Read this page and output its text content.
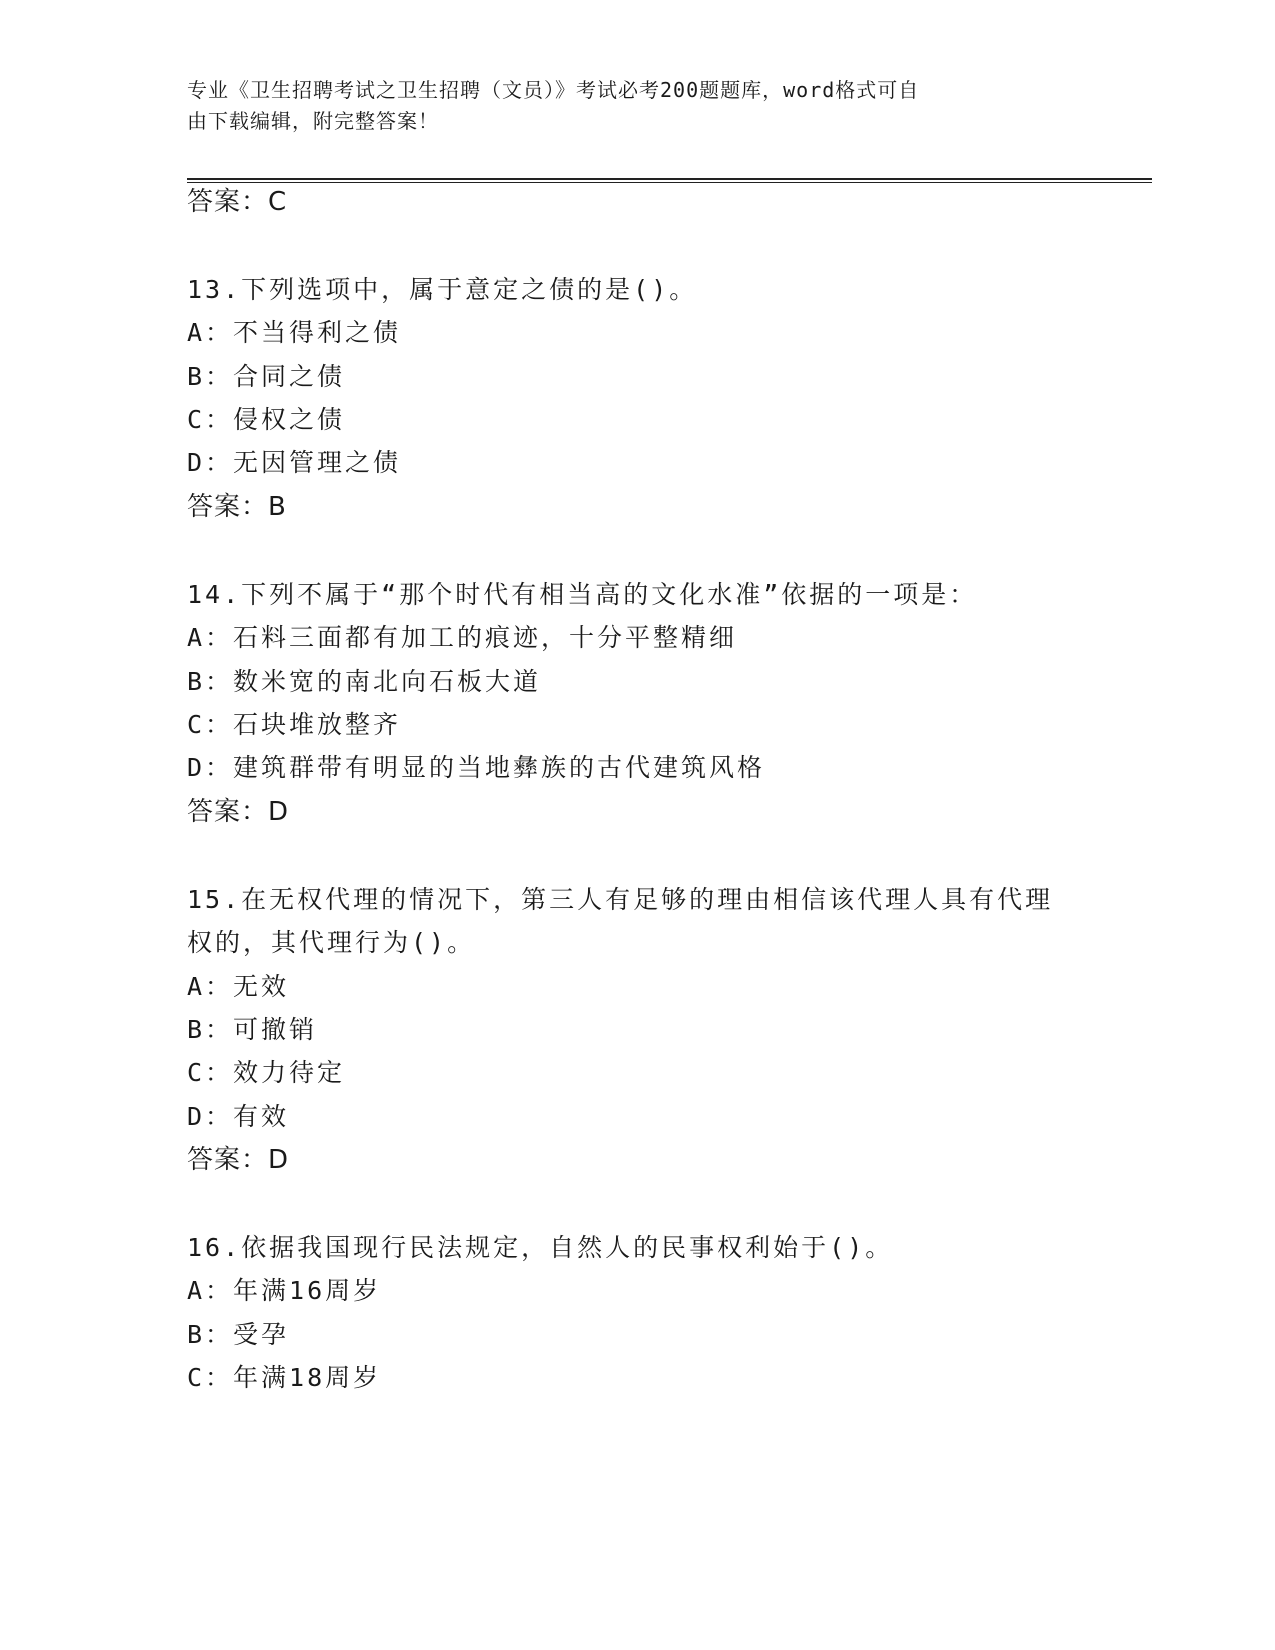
专业《卫生招聘考试之卫生招聘（文员）》考试必考200题题库，word格式可自
由下载编辑，附完整答案！
答案：C
13.下列选项中，属于意定之债的是()。
A：不当得利之债
B：合同之债
C：侵权之债
D：无因管理之债
答案：B
14.下列不属于“那个时代有相当高的文化水准”依据的一项是：
A：石料三面都有加工的痕迹，十分平整精细
B：数米宽的南北向石板大道
C：石块堆放整齐
D：建筑群带有明显的当地彝族的古代建筑风格
答案：D
15.在无权代理的情况下，第三人有足够的理由相信该代理人具有代理
权的，其代理行为()。
A：无效
B：可撤销
C：效力待定
D：有效
答案：D
16.依据我国现行民法规定，自然人的民事权利始于()。
A：年满16周岁
B：受孕
C：年满18周岁
